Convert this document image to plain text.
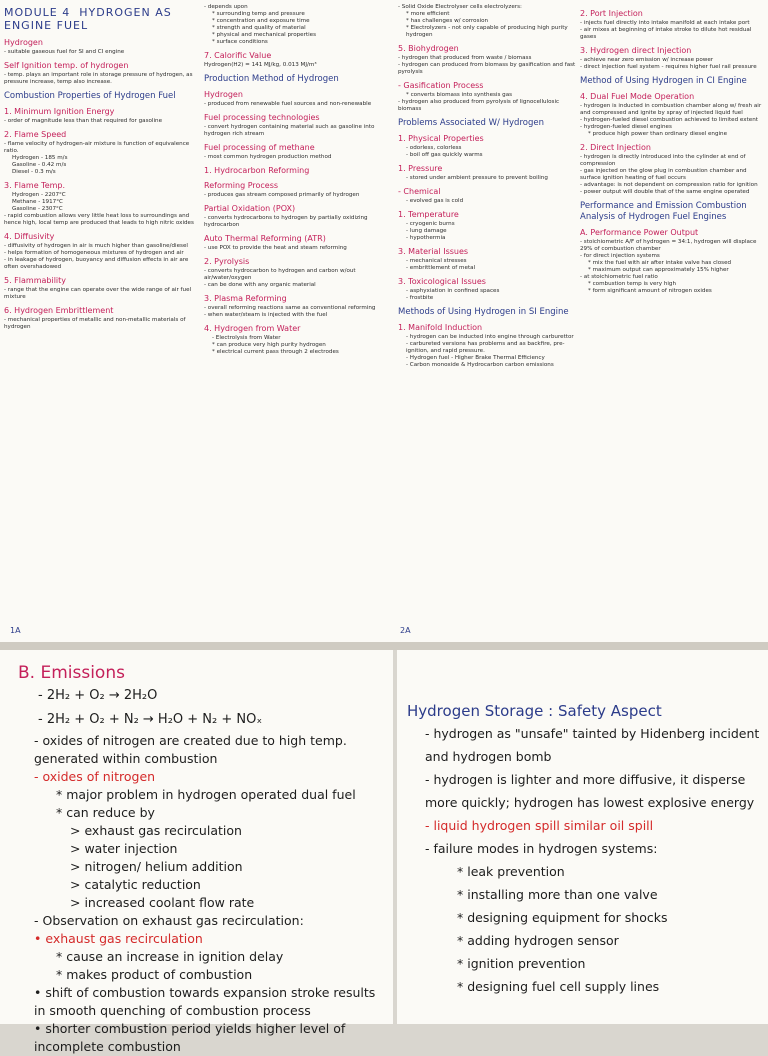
MODULE 4 HYDROGEN AS ENGINE FUEL

Hydrogen

- suitable gaseous fuel for SI and CI engine

Self Ignition temp. of hydrogen

- temp. plays an important role in storage pressure of hydrogen, as pressure increase, temp also increase.

Combustion Properties of Hydrogen Fuel

1. Minimum Ignition Energy

- order of magnitude less than that required for gasoline

2. Flame Speed

- flame velocity of hydrogen-air mixture is function of equivalence ratio.

Hydrogen - 185 m/s

Gasoline - 0.42 m/s

Diesel - 0.3 m/s

3. Flame Temp.

Hydrogen - 2207°C

Methane - 1917°C

Gasoline - 2307°C

- rapid combustion allows very little heat loss to surroundings and hence high, local temp are produced that leads to high nitric oxides

4. Diffusivity

- diffusivity of hydrogen in air is much higher than gasoline/diesel

- helps formation of homogeneous mixtures of hydrogen and air

- in leakage of hydrogen, buoyancy and diffusion effects in air are often overshadowed

5. Flammability

- range that the engine can operate over the wide range of air fuel mixture

6. Hydrogen Embrittlement

- mechanical properties of metallic and non-metallic materials of hydrogen

- depends upon

* surrounding temp and pressure

* concentration and exposure time

* strength and quality of material

* physical and mechanical properties

* surface conditions

7. Calorific Value

Hydrogen(H2) = 141 MJ/kg, 0.013 MJ/m³

Production Method of Hydrogen

Hydrogen

- produced from renewable fuel sources and non-renewable

Fuel processing technologies

- convert hydrogen containing material such as gasoline into hydrogen rich stream

Fuel processing of methane

- most common hydrogen production method

1. Hydrocarbon Reforming

Reforming Process

- produces gas stream composed primarily of hydrogen

Partial Oxidation (POX)

- converts hydrocarbons to hydrogen by partially oxidizing hydrocarbon

Auto Thermal Reforming (ATR)

- use POX to provide the heat and steam reforming

2. Pyrolysis

- converts hydrocarbon to hydrogen and carbon w/out air/water/oxygen

- can be done with any organic material

3. Plasma Reforming

- overall reforming reactions same as conventional reforming

- when water/steam is injected with the fuel

4. Hydrogen from Water

- Electrolysis from Water

* can produce very high purity hydrogen

* electrical current pass through 2 electrodes

- Solid Oxide Electrolyser cells electrolyzers:

* more efficient

* has challenges w/ corrosion

* Electrolyzers - not only capable of producing high purity hydrogen

5. Biohydrogen

- hydrogen that produced from waste / biomass

- hydrogen can produced from biomass by gasification and fast pyrolysis

- Gasification Process

* converts biomass into synthesis gas

- hydrogen also produced from pyrolysis of lignocellulosic biomass

Problems Associated W/ Hydrogen

1. Physical Properties

- odorless, colorless

- boil off gas quickly warms

1. Pressure

- stored under ambient pressure to prevent boiling

- Chemical

- evolved gas is cold

1. Temperature

- cryogenic burns

- lung damage

- hypothermia

3. Material Issues

- mechanical stresses

- embrittlement of metal

3. Toxicological Issues

- asphyxiation in confined spaces

- frostbite

Methods of Using Hydrogen in SI Engine

1. Manifold Induction

- hydrogen can be inducted into engine through carburettor

- carbureted versions has problems and as backfire, pre-ignition, and rapid pressure.

- Hydrogen fuel - Higher Brake Thermal Efficiency

- Carbon monoxide & Hydrocarbon carbon emissions

2. Port Injection

- injects fuel directly into intake manifold at each intake port

- air mixes at beginning of intake stroke to dilute hot residual gases

3. Hydrogen direct Injection

- achieve near zero emission w/ increase power

- direct injection fuel system - requires higher fuel rail pressure

Method of Using Hydrogen in CI Engine

4. Dual Fuel Mode Operation

- hydrogen is inducted in combustion chamber along w/ fresh air and compressed and ignite by spray of injected liquid fuel

- hydrogen-fueled diesel combustion achieved to limited extent

- hydrogen-fueled diesel engines

* produce high power than ordinary diesel engine

2. Direct Injection

- hydrogen is directly introduced into the cylinder at end of compression

- gas injected on the glow plug in combustion chamber and surface ignition heating of fuel occurs

- advantage: is not dependent on compression ratio for ignition

- power output will double that of the same engine operated

Performance and Emission Combustion Analysis of Hydrogen Fuel Engines

A. Performance Power Output

- stoichiometric A/F of hydrogen = 34:1, hydrogen will displace 29% of combustion chamber

- for direct injection systems

* mix the fuel with air after intake valve has closed

* maximum output can approximately 15% higher

- at stoichiometric fuel ratio

* combustion temp is very high

* form significant amount of nitrogen oxides

1A	2A
B. Emissions

- 2H₂ + O₂ → 2H₂O

- 2H₂ + O₂ + N₂ → H₂O + N₂ + NOₓ

- oxides of nitrogen are created due to high temp. generated within combustion

- oxides of nitrogen

* major problem in hydrogen operated dual fuel

* can reduce by

> exhaust gas recirculation

> water injection

> nitrogen/ helium addition

> catalytic reduction

> increased coolant flow rate

- Observation on exhaust gas recirculation:

• exhaust gas recirculation

* cause an increase in ignition delay

* makes product of combustion

• shift of combustion towards expansion stroke results in smooth quenching of combustion process

• shorter combustion period yields higher level of incomplete combustion

Hydrogen Storage : Safety Aspect

- hydrogen as "unsafe" tainted by Hidenberg incident and hydrogen bomb

- hydrogen is lighter and more diffusive, it disperse more quickly; hydrogen has lowest explosive energy

- liquid hydrogen spill similar oil spill

- failure modes in hydrogen systems:

* leak prevention

* installing more than one valve

* designing equipment for shocks

* adding hydrogen sensor

* ignition prevention

* designing fuel cell supply lines
